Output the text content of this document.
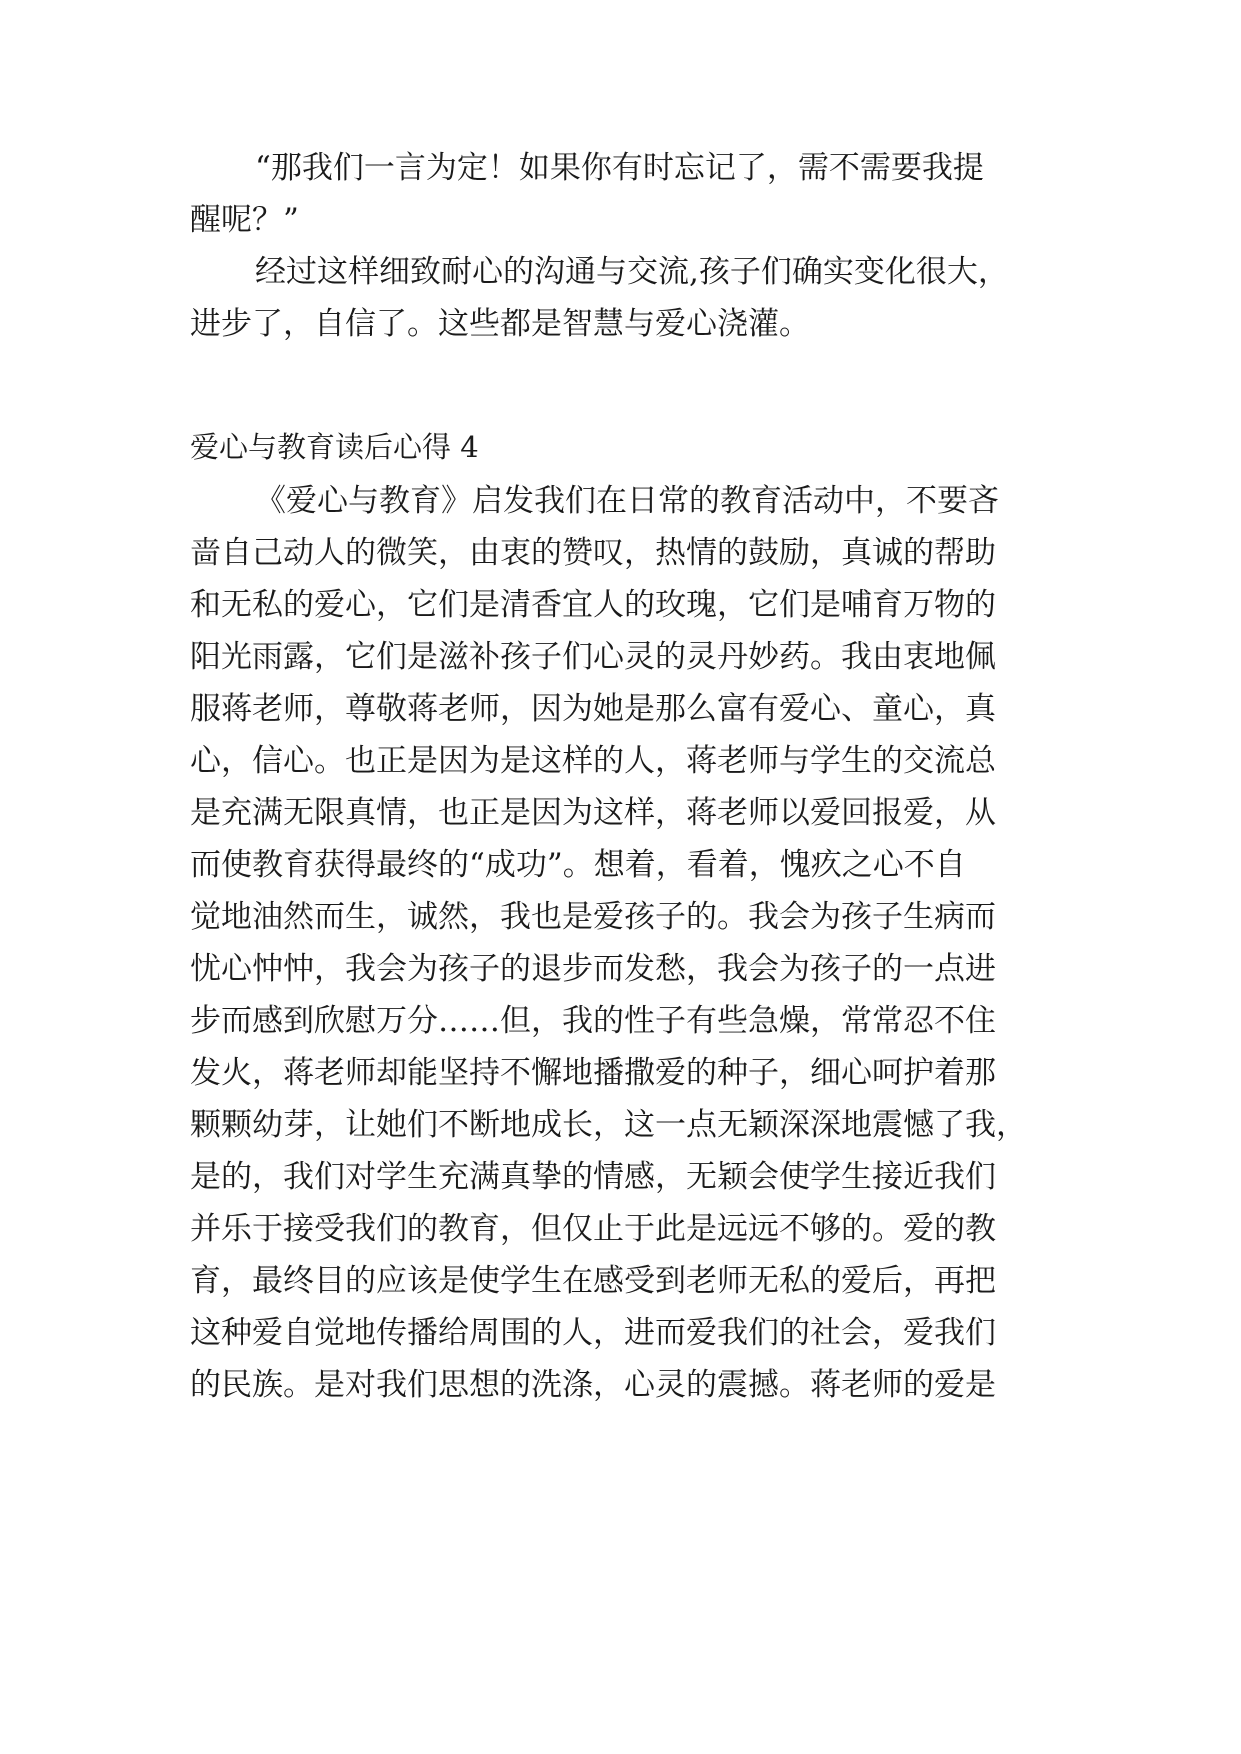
“那我们一言为定！如果你有时忘记了，需不需要我提

醒呢？”

经过这样细致耐心的沟通与交流,孩子们确实变化很大，

进步了，自信了。这些都是智慧与爱心浇灌。

爱心与教育读后心得 4

《爱心与教育》启发我们在日常的教育活动中，不要吝

啬自己动人的微笑，由衷的赞叹，热情的鼓励，真诚的帮助

和无私的爱心，它们是清香宜人的玫瑰，它们是哺育万物的

阳光雨露，它们是滋补孩子们心灵的灵丹妙药。我由衷地佩

服蒋老师，尊敬蒋老师，因为她是那么富有爱心、童心，真

心，信心。也正是因为是这样的人，蒋老师与学生的交流总

是充满无限真情，也正是因为这样，蒋老师以爱回报爱，从

而使教育获得最终的“成功”。想着，看着，愧疚之心不自

觉地油然而生，诚然，我也是爱孩子的。我会为孩子生病而

忧心忡忡，我会为孩子的退步而发愁，我会为孩子的一点进

步而感到欣慰万分……但，我的性子有些急燥，常常忍不住

发火，蒋老师却能坚持不懈地播撒爱的种子，细心呵护着那

颗颗幼芽，让她们不断地成长，这一点无颖深深地震憾了我，

是的，我们对学生充满真挚的情感，无颖会使学生接近我们

并乐于接受我们的教育，但仅止于此是远远不够的。爱的教

育，最终目的应该是使学生在感受到老师无私的爱后，再把

这种爱自觉地传播给周围的人，进而爱我们的社会，爱我们

的民族。是对我们思想的洗涤，心灵的震撼。蒋老师的爱是
